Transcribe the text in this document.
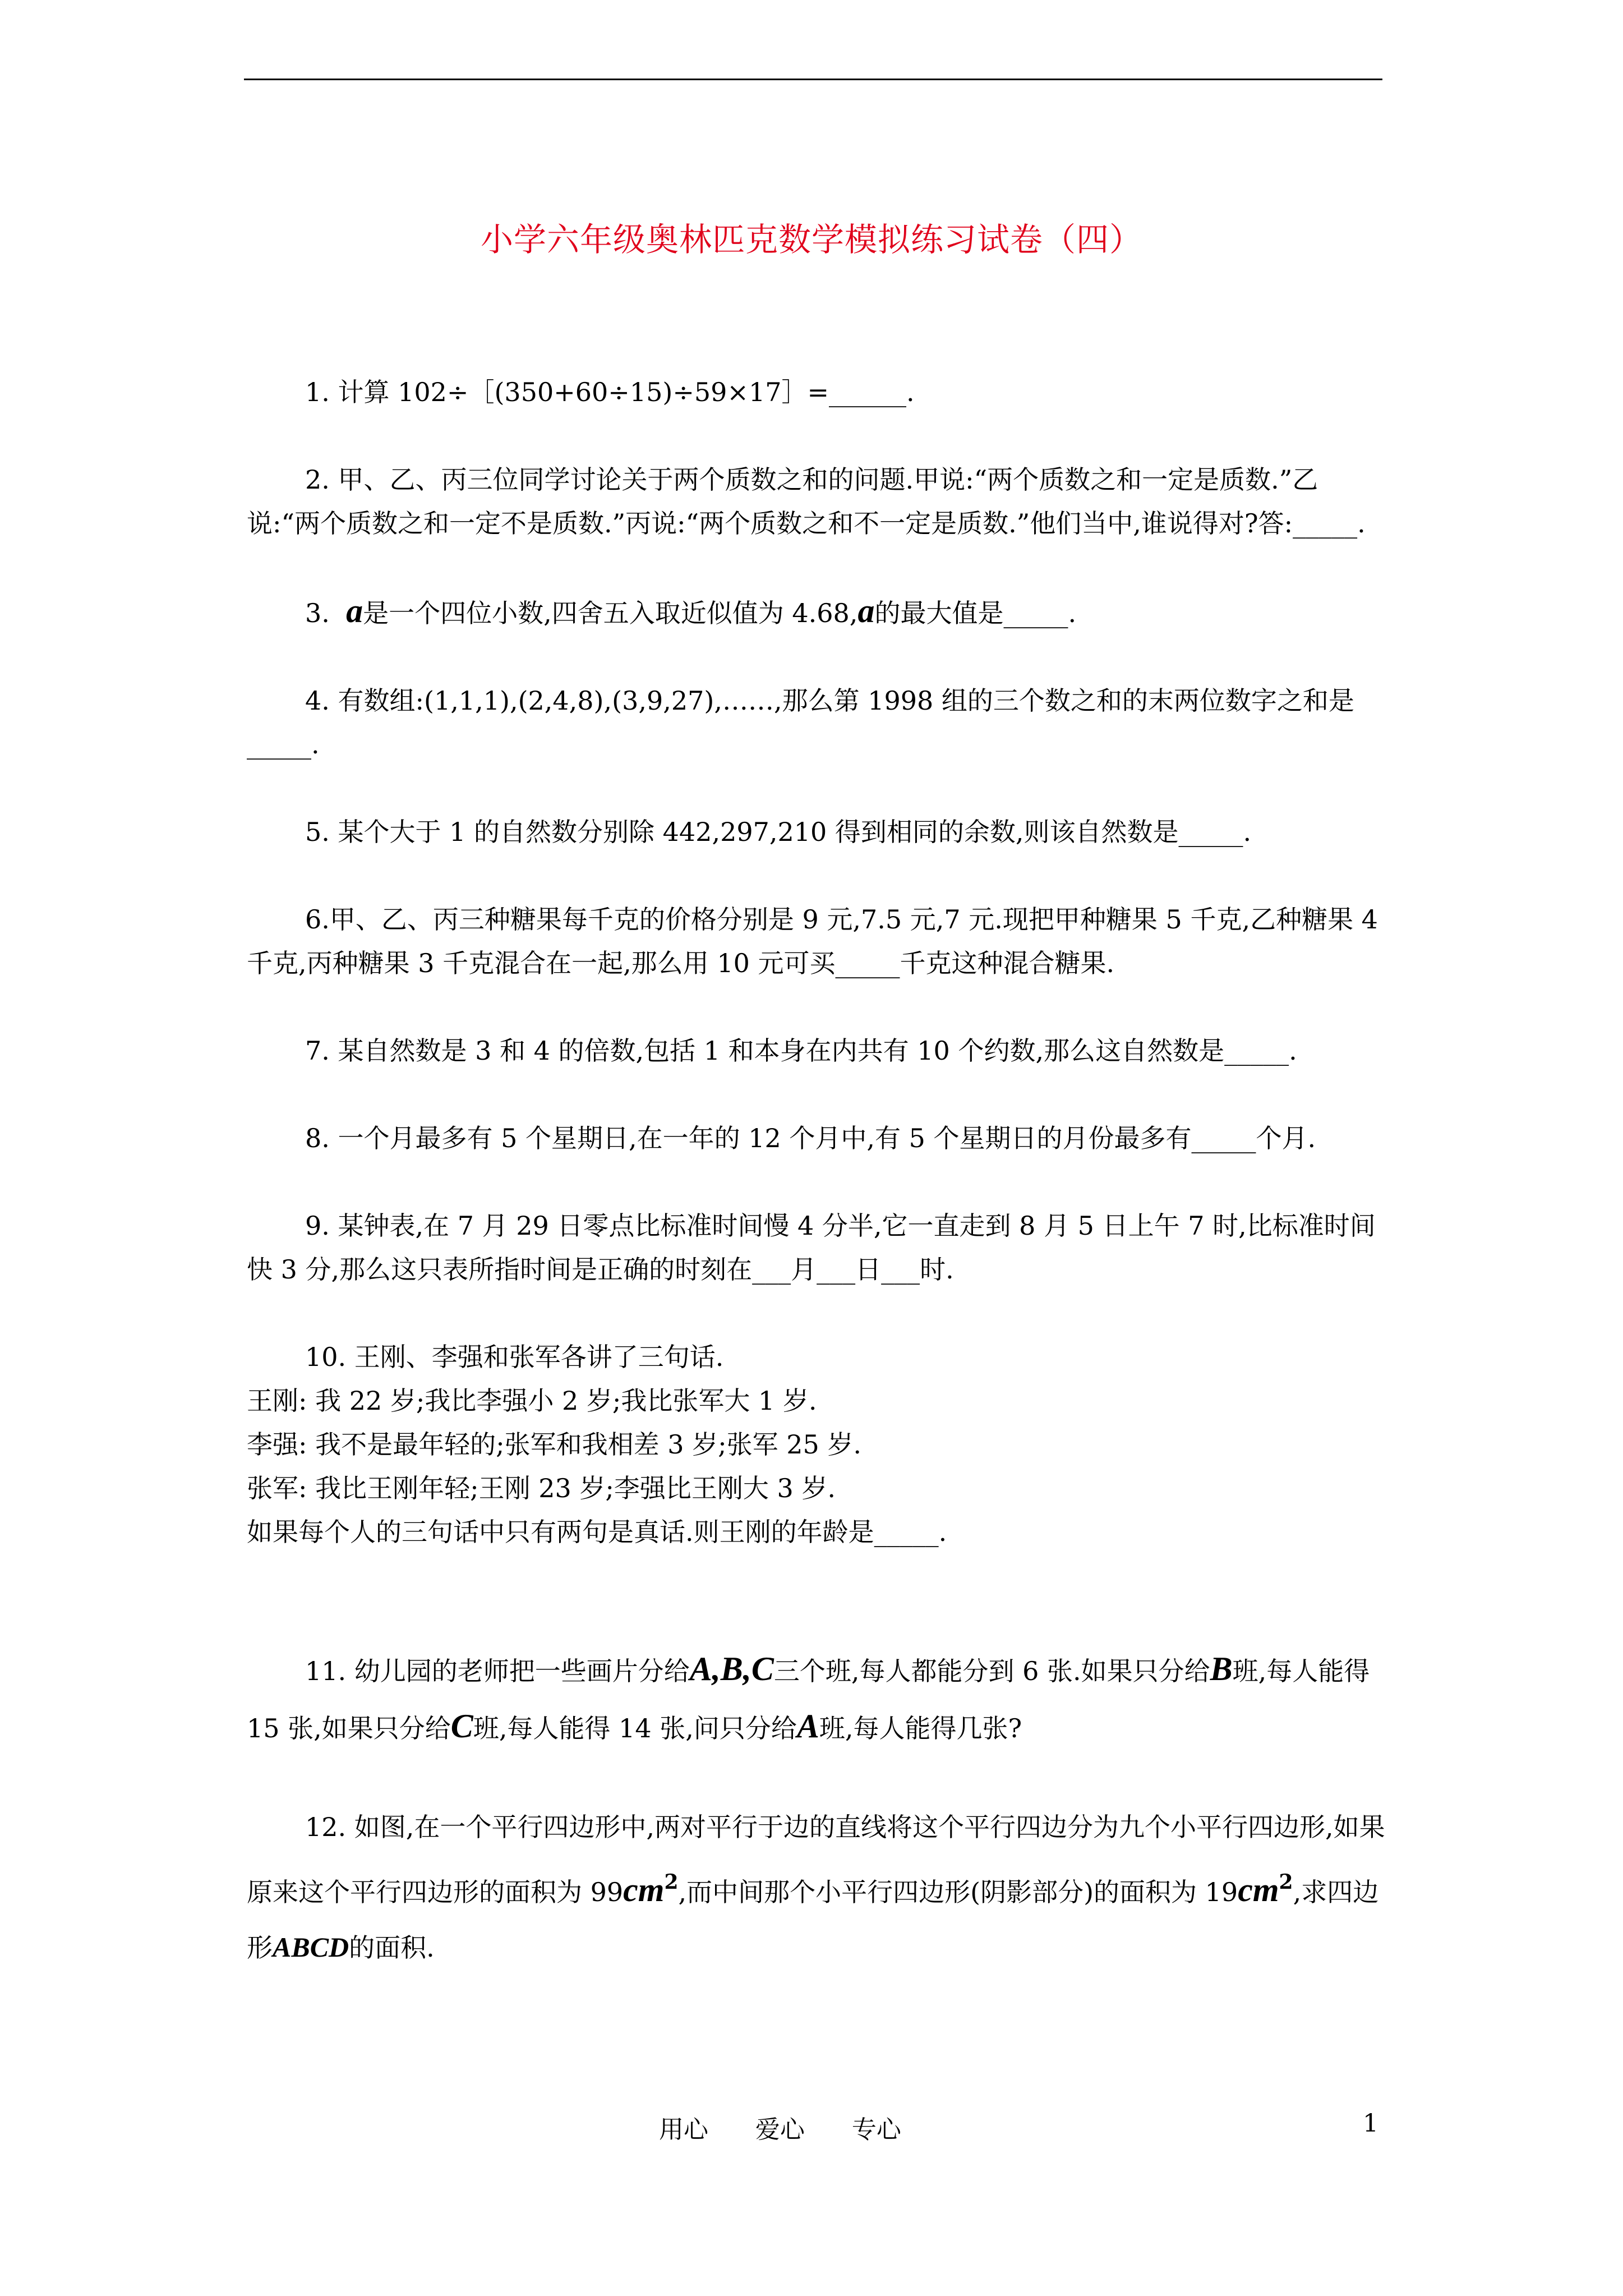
小学六年级奥林匹克数学模拟练习试卷（四）

1. 计算 102÷［(350+60÷15)÷59×17］=______.

2. 甲、乙、丙三位同学讨论关于两个质数之和的问题.甲说:“两个质数之和一定是质数.”乙说:“两个质数之和一定不是质数.”丙说:“两个质数之和不一定是质数.”他们当中,谁说得对?答:_____.

3. a是一个四位小数,四舍五入取近似值为 4.68,a的最大值是_____.

4. 有数组:(1,1,1),(2,4,8),(3,9,27),……,那么第 1998 组的三个数之和的末两位数字之和是_____.

5. 某个大于 1 的自然数分别除 442,297,210 得到相同的余数,则该自然数是_____.

6.甲、乙、丙三种糖果每千克的价格分别是 9 元,7.5 元,7 元.现把甲种糖果 5 千克,乙种糖果 4 千克,丙种糖果 3 千克混合在一起,那么用 10 元可买_____千克这种混合糖果.

7. 某自然数是 3 和 4 的倍数,包括 1 和本身在内共有 10 个约数,那么这自然数是_____.

8. 一个月最多有 5 个星期日,在一年的 12 个月中,有 5 个星期日的月份最多有_____个月.

9. 某钟表,在 7 月 29 日零点比标准时间慢 4 分半,它一直走到 8 月 5 日上午 7 时,比标准时间快 3 分,那么这只表所指时间是正确的时刻在___月___日___时.

10. 王刚、李强和张军各讲了三句话.

王刚: 我 22 岁;我比李强小 2 岁;我比张军大 1 岁.

李强: 我不是最年轻的;张军和我相差 3 岁;张军 25 岁.

张军: 我比王刚年轻;王刚 23 岁;李强比王刚大 3 岁.

如果每个人的三句话中只有两句是真话.则王刚的年龄是_____.

11. 幼儿园的老师把一些画片分给A,B,C三个班,每人都能分到 6 张.如果只分给B班,每人能得 15 张,如果只分给C班,每人能得 14 张,问只分给A班,每人能得几张?

12. 如图,在一个平行四边形中,两对平行于边的直线将这个平行四边分为九个小平行四边形,如果原来这个平行四边形的面积为 $99cm^2$,而中间那个小平行四边形(阴影部分)的面积为 $19cm^2$,求四边形ABCD的面积.

用心      爱心      专心	1
